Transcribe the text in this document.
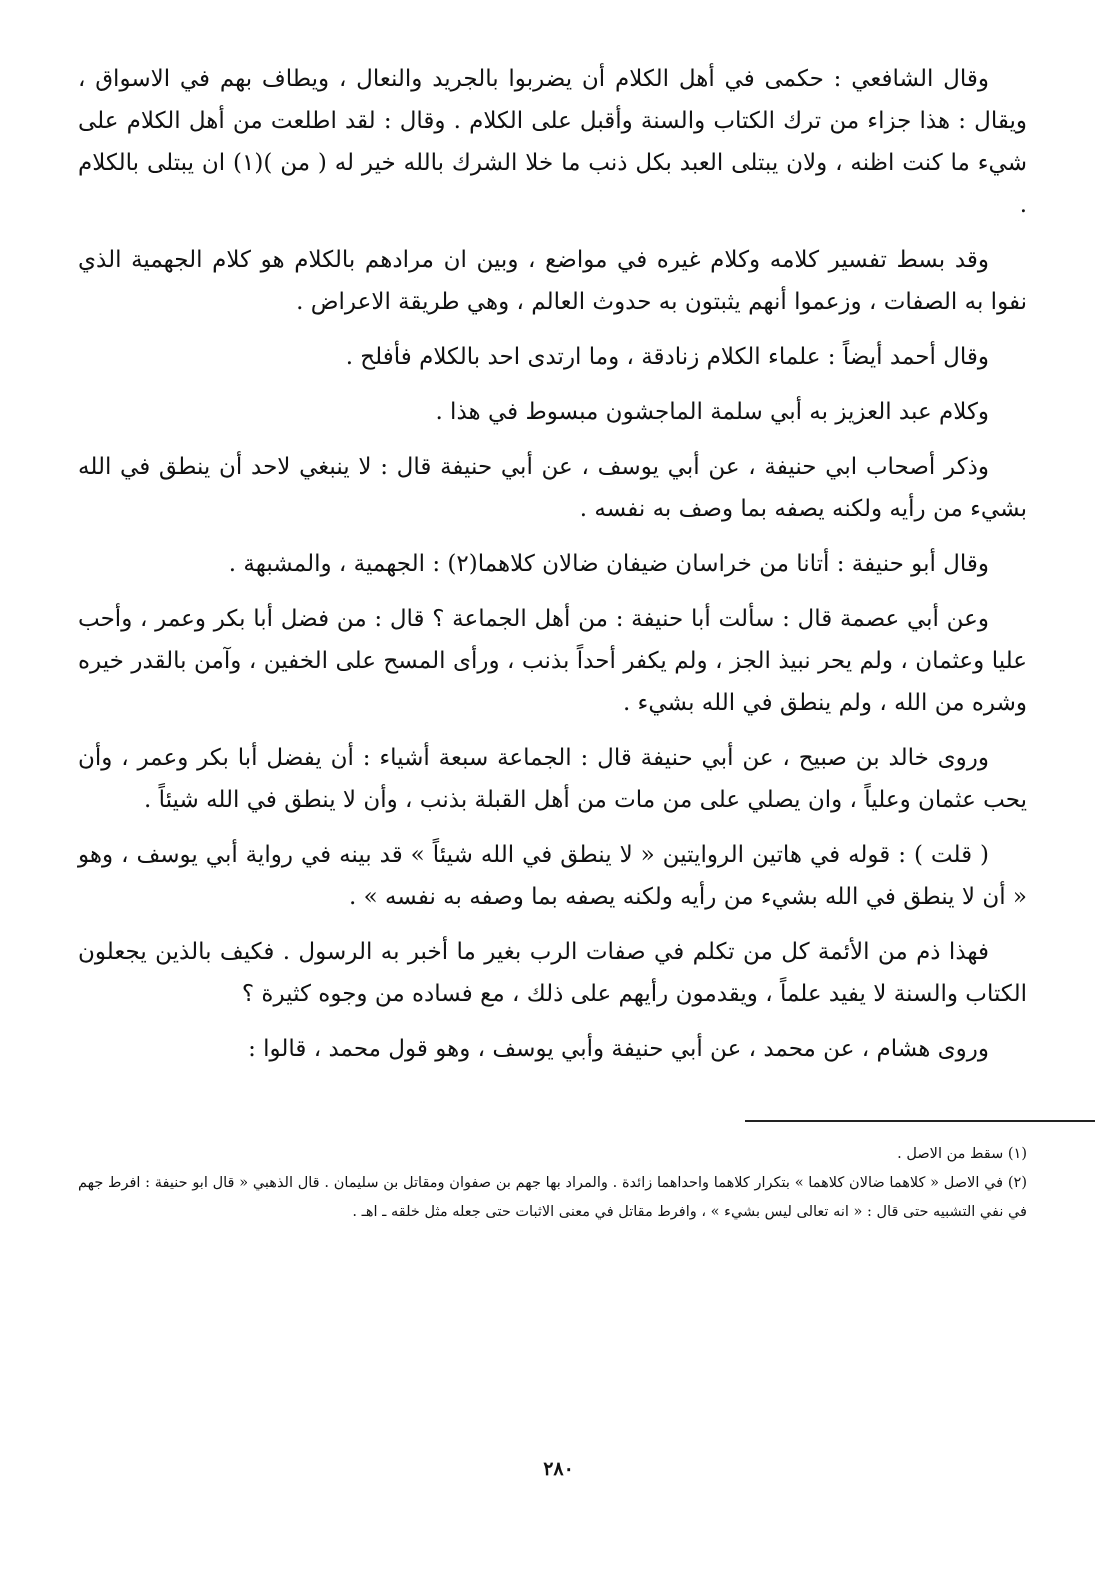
وقال الشافعي : حكمى في أهل الكلام أن يضربوا بالجريد والنعال ، ويطاف بهم في الاسواق ، ويقال : هذا جزاء من ترك الكتاب والسنة وأقبل على الكلام . وقال : لقد اطلعت من أهل الكلام على شيء ما كنت اظنه ، ولان يبتلى العبد بكل ذنب ما خلا الشرك بالله خير له ( من )(١) ان يبتلى بالكلام .

وقد بسط تفسير كلامه وكلام غيره في مواضع ، وبين ان مرادهم بالكلام هو كلام الجهمية الذي نفوا به الصفات ، وزعموا أنهم يثبتون به حدوث العالم ، وهي طريقة الاعراض .

وقال أحمد أيضاً : علماء الكلام زنادقة ، وما ارتدى احد بالكلام فأفلح .

وكلام عبد العزيز به أبي سلمة الماجشون مبسوط في هذا .

وذكر أصحاب ابي حنيفة ، عن أبي يوسف ، عن أبي حنيفة قال : لا ينبغي لاحد أن ينطق في الله بشيء من رأيه ولكنه يصفه بما وصف به نفسه .

وقال أبو حنيفة : أتانا من خراسان ضيفان ضالان كلاهما(٢) : الجهمية ، والمشبهة .

وعن أبي عصمة قال : سألت أبا حنيفة : من أهل الجماعة ؟ قال : من فضل أبا بكر وعمر ، وأحب عليا وعثمان ، ولم يحر نبيذ الجز ، ولم يكفر أحداً بذنب ، ورأى المسح على الخفين ، وآمن بالقدر خيره وشره من الله ، ولم ينطق في الله بشيء .

وروى خالد بن صبيح ، عن أبي حنيفة قال : الجماعة سبعة أشياء : أن يفضل أبا بكر وعمر ، وأن يحب عثمان وعلياً ، وان يصلي على من مات من أهل القبلة بذنب ، وأن لا ينطق في الله شيئاً .

( قلت ) : قوله في هاتين الروايتين « لا ينطق في الله شيئاً » قد بينه في رواية أبي يوسف ، وهو « أن لا ينطق في الله بشيء من رأيه ولكنه يصفه بما وصفه به نفسه » .

فهذا ذم من الأئمة كل من تكلم في صفات الرب بغير ما أخبر به الرسول . فكيف بالذين يجعلون الكتاب والسنة لا يفيد علماً ، ويقدمون رأيهم على ذلك ، مع فساده من وجوه كثيرة ؟

وروى هشام ، عن محمد ، عن أبي حنيفة وأبي يوسف ، وهو قول محمد ، قالوا :

(١) سقط من الاصل .

(٢) في الاصل « كلاهما ضالان كلاهما » بتكرار كلاهما واحداهما زائدة . والمراد بها جهم بن صفوان ومقاتل بن سليمان . قال الذهبي « قال ابو حنيفة : افرط جهم في نفي التشبيه حتى قال : « انه تعالى ليس بشيء » ، وافرط مقاتل في معنى الاثبات حتى جعله مثل خلقه ـ اهـ .

٢٨٠
